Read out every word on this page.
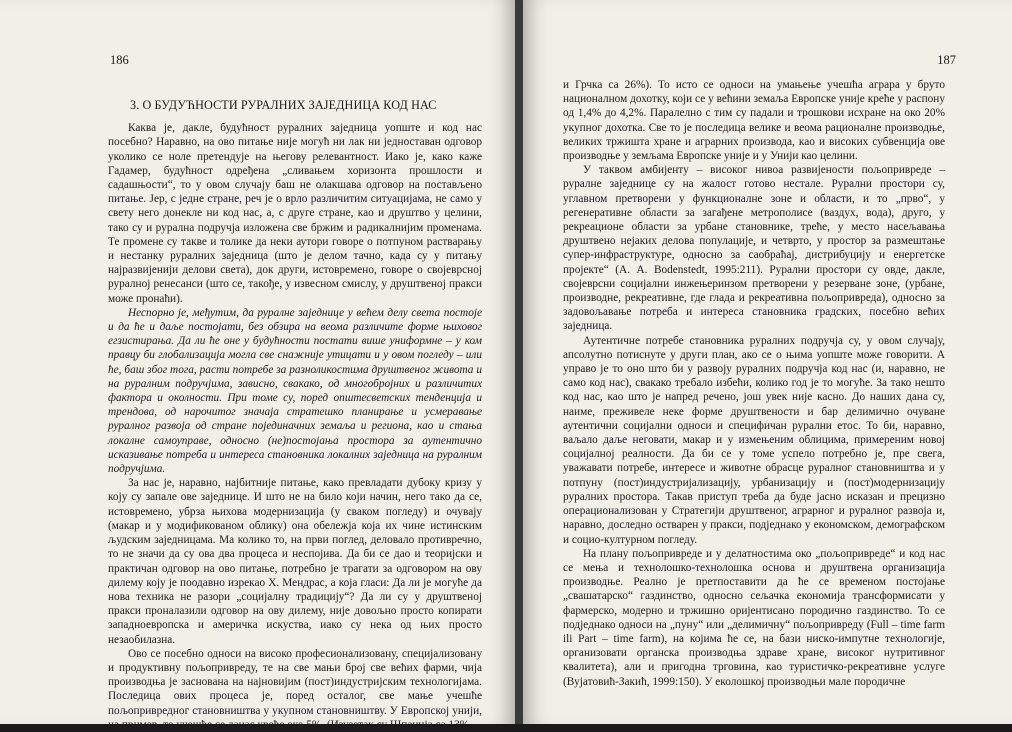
186
3. О БУДУЋНОСТИ РУРАЛНИХ ЗАЈЕДНИЦА КОД НАС

Каква је, дакле, будућност руралних заједница уопште и код нас посебно? Наравно, на ово питање није могућ ни лак ни једноставан одговор уколико се ноле претендује на његову релевантност. Иако је, како каже Гадамер, будућност одређена „сливањем хоризонта прошлости и садашњости“, то у овом случају баш не олакшава одговор на постављено питање. Јер, с једне стране, реч је о врло различитим ситуацијама, не само у свету него донекле ни код нас, а, с друге стране, као и друштво у целини, тако су и рурална подручја изложена све бржим и радикалнијим променама. Те промене су такве и толике да неки аутори говоре о потпуном растварању и нестанку руралних заједница (што је делом тачно, када су у питању најразвијенији делови света), док други, истовремено, говоре о својеврсној руралној ренесанси (што се, такође, у извесном смислу, у друштвеној пракси може пронаћи).

Неспорно је, међутим, да руралне заједнице у већем делу света постоје и да ће и даље постојати, без обзира на веома различите форме њиховог егзистирања. Да ли ће оне у будућности постати више униформне – у ком правцу би глобализација могла све снажније утицати и у овом погледу – или ће, баш због тога, расти потребе за разноликостима друштвеног живота и на руралним подручјима, зависно, свакако, од многобројних и различитих фактора и околности. При томе су, поред општесветских тенденција и трендова, од нарочитог значаја стратешко планирање и усмеравање руралног развоја од стране појединачних земаља и региона, као и стања локалне самоуправе, односно (не)постојања простора за аутентично исказивање потреба и интереса становника локалних заједница на руралним подручјима.

За нас је, наравно, најбитније питање, како превладати дубоку кризу у коју су запале ове заједнице. И што не на било који начин, него тако да се, истовремено, убрза њихова модернизација (у сваком погледу) и очувају (макар и у модификованом облику) она обележја која их чине истинским људским заједницама. Ма колико то, на први поглед, деловало противречно, то не значи да су ова два процеса и неспојива. Да би се дао и теоријски и практичан одговор на ово питање, потребно је трагати за одговором на ову дилему коју је поодавно изрекао Х. Мендрас, а која гласи: Да ли је могуће да нова техника не разори „социјалну традицију“? Да ли су у друштвеној пракси проналазили одговор на ову дилему, није довољно просто копирати западноевропска и америчка искуства, иако су нека од њих просто незаобилазна.

Ово се посебно односи на високо професионализовану, специјализовану и продуктивну пољопривреду, те на све мањи број све већих фарми, чија производња је заснована на најновијим (пост)индустријским технологијама. Последица ових процеса је, поред осталог, све мање учешће пољопривредног становништва у укупном становништву. У Европској унији, на пример, то учешће се данас креће око 5%. (Изузетак су Шпанија са 13%

187

и Грчка са 26%). То исто се односи на умањење учешћа аграра у бруто националном дохотку, који се у већини земаља Европске уније креће у распону од 1,4% до 4,2%. Паралелно с тим су падали и трошкови исхране на око 20% укупног дохотка. Све то је последица велике и веома рационалне производње, великих тржишта хране и аграрних производа, као и високих субвенција ове производње у земљама Европске уније и у Унији као целини.

У таквом амбијенту – високог нивоа развијености пољопривреде – руралне заједнице су на жалост готово нестале. Рурални простори су, углавном претворени у функционалне зоне и области, и то „прво“, у регенеративне области за загађене метрополисе (ваздух, вода), друго, у рекреационе области за урбане становнике, треће, у место насељавања друштвено нејаких делова популације, и четврто, у простор за размештање супер-инфраструктуре, односно за саобраћај, дистрибуцију и енергетске пројекте“ (А. А. Bodenstedt, 1995:211). Рурални простори су овде, дакле, својеврсни социјални инжењеринзом претворени у резерване зоне, (урбане, производне, рекреативне, где глада и рекреативна пољопривреда), односно за задовољавање потреба и интереса становника градских, посебно већих заједница.

Аутентичне потребе становника руралних подручја су, у овом случају, апсолутно потиснуте у други план, ако се о њима уопште може говорити. А управо је то оно што би у развоју руралних подручја код нас (и, наравно, не само код нас), свакако требало избећи, колико год је то могуће. За тако нешто код нас, као што је напред речено, још увек није касно. До наших дана су, наиме, преживеле неке форме друштвености и бар делимично очуване аутентични социјални односи и специфичан рурални етос. То би, наравно, ваљало даље неговати, макар и у измењеним облицима, примереним новој социјалној реалности. Да би се у томе успело потребно је, пре свега, уважавати потребе, интересе и животне обрасце руралног становништва и у потпуну (пост)индустријализацију, урбанизацију и (пост)модернизацију руралних простора. Такав приступ треба да буде јасно исказан и прецизно операционализован у Стратегији друштвеног, аграрног и руралног развоја и, наравно, доследно остварен у пракси, подједнако у економском, демографском и социо-културном погледу.

На плану пољопривреде и у делатностима око „пољопривреде“ и код нас се мења и технолошко-технолошка основа и друштвена организација производње. Реално је претпоставити да ће се временом постојање „свашатарско“ газдинство, односно сељачка економија трансформисати у фармерско, модерно и тржишно оријентисано породично газдинство. То се подједнако односи на „пуну“ или „делимичну“ пољопривреду (Full – time farm ili Part – time farm), на којима ће се, на бази нискo-импутне технологије, организовати органска производња здраве хране, високог нутритивног квалитета), али и пригодна трговина, као туристичко-рекреативне услуге (Вујатовић-Закић, 1999:150). У еколошкој производњи мале породичне
